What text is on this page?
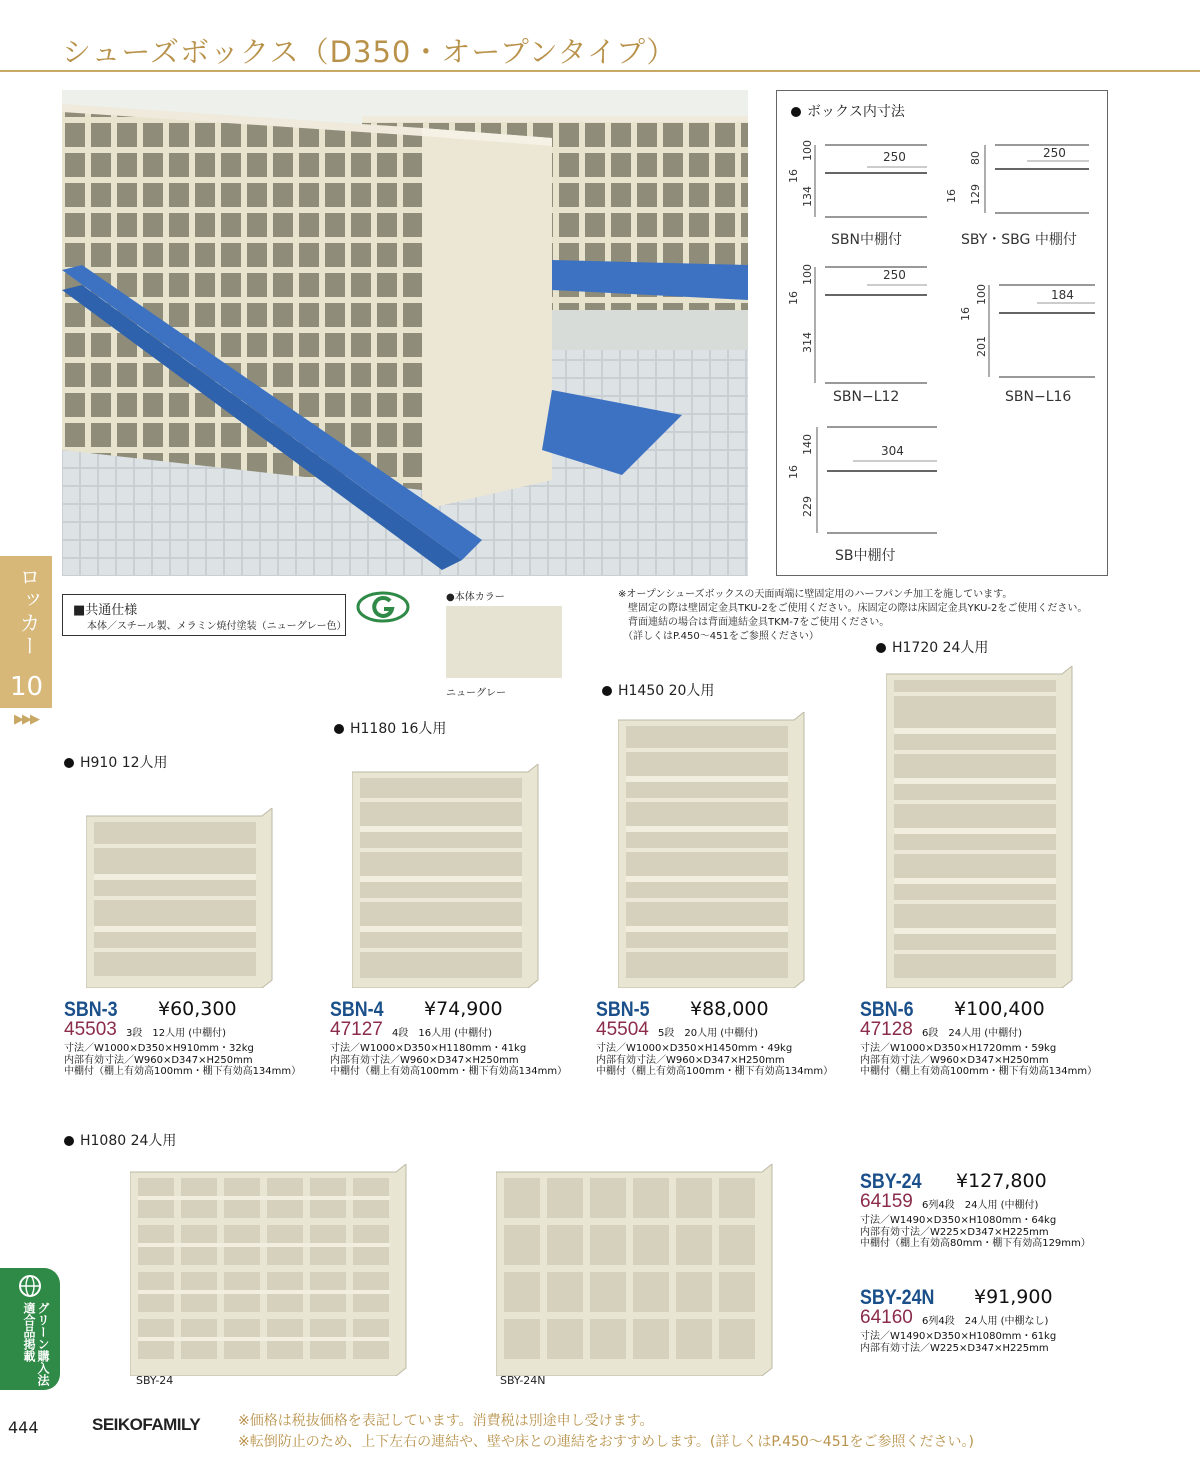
シューズボックス（D350・オープンタイプ）
ボックス内寸法
250
100
16
134
SBN中棚付
250
80
16 129
SBY・SBG 中棚付
250
100
16
314
SBN−L12
184
100
16
201
SBN−L16
304
140
16
229
SB中棚付
ロッカー
10
▶▶▶
グリーン購入法適合品掲載
■共通仕様
本体／スチール製、メラミン焼付塗装（ニューグレー色）
●本体カラー
ニューグレー
※オープンシューズボックスの天面両端に壁固定用のハーフパンチ加工を施しています。
　壁固定の際は壁固定金具TKU-2をご使用ください。床固定の際は床固定金具YKU-2をご使用ください。
　背面連結の場合は背面連結金具TKM-7をご使用ください。
　（詳しくはP.450～451をご参照ください）
H910 12人用
H1180 16人用
H1450 20人用
H1720 24人用
SBN-3 ¥60,300
45503 3段　12人用 (中棚付)
寸法／W1000×D350×H910mm・32kg
内部有効寸法／W960×D347×H250mm
中棚付（棚上有効高100mm・棚下有効高134mm）
SBN-4 ¥74,900
47127 4段　16人用 (中棚付)
寸法／W1000×D350×H1180mm・41kg
内部有効寸法／W960×D347×H250mm
中棚付（棚上有効高100mm・棚下有効高134mm）
SBN-5 ¥88,000
45504 5段　20人用 (中棚付)
寸法／W1000×D350×H1450mm・49kg
内部有効寸法／W960×D347×H250mm
中棚付（棚上有効高100mm・棚下有効高134mm）
SBN-6 ¥100,400
47128 6段　24人用 (中棚付)
寸法／W1000×D350×H1720mm・59kg
内部有効寸法／W960×D347×H250mm
中棚付（棚上有効高100mm・棚下有効高134mm）
H1080 24人用
SBY-24	SBY-24N
SBY-24 ¥127,800
64159 6列4段　24人用 (中棚付)
寸法／W1490×D350×H1080mm・64kg
内部有効寸法／W225×D347×H225mm
中棚付（棚上有効高80mm・棚下有効高129mm）
SBY-24N ¥91,900
64160 6列4段　24人用 (中棚なし)
寸法／W1490×D350×H1080mm・61kg
内部有効寸法／W225×D347×H225mm
444	SEIKOFAMILY	※価格は税抜価格を表記しています。消費税は別途申し受けます。
※転倒防止のため、上下左右の連結や、壁や床との連結をおすすめします。(詳しくはP.450～451をご参照ください。)
